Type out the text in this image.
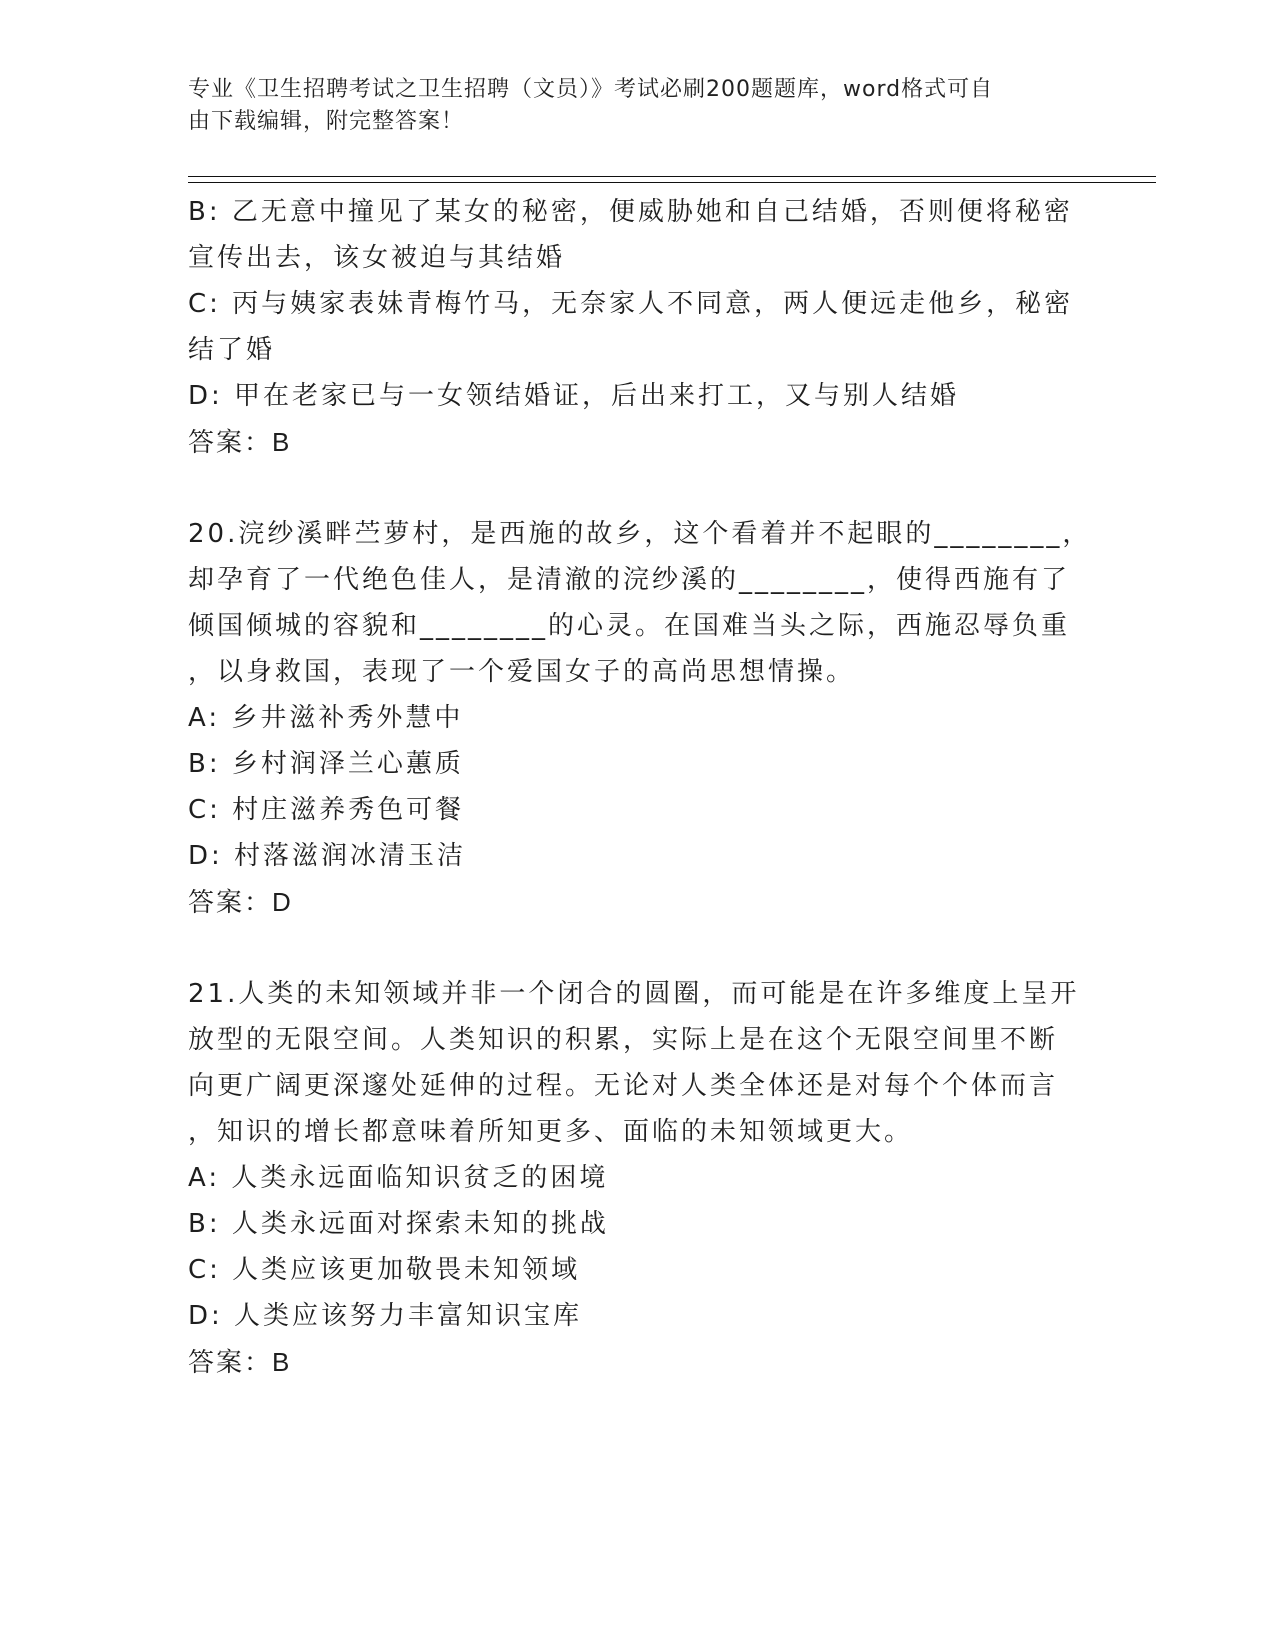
专业《卫生招聘考试之卫生招聘（文员）》考试必刷200题题库，word格式可自
由下载编辑，附完整答案！
B: 乙无意中撞见了某女的秘密，便威胁她和自己结婚，否则便将秘密
宣传出去，该女被迫与其结婚
C: 丙与姨家表妹青梅竹马，无奈家人不同意，两人便远走他乡，秘密
结了婚
D: 甲在老家已与一女领结婚证，后出来打工，又与别人结婚
答案：B
20.浣纱溪畔苎萝村，是西施的故乡，这个看着并不起眼的________，
却孕育了一代绝色佳人，是清澈的浣纱溪的________，使得西施有了
倾国倾城的容貌和________的心灵。在国难当头之际，西施忍辱负重
，以身救国，表现了一个爱国女子的高尚思想情操。
A: 乡井滋补秀外慧中
B: 乡村润泽兰心蕙质
C: 村庄滋养秀色可餐
D: 村落滋润冰清玉洁
答案：D
21.人类的未知领域并非一个闭合的圆圈，而可能是在许多维度上呈开
放型的无限空间。人类知识的积累，实际上是在这个无限空间里不断
向更广阔更深邃处延伸的过程。无论对人类全体还是对每个个体而言
，知识的增长都意味着所知更多、面临的未知领域更大。
A: 人类永远面临知识贫乏的困境
B: 人类永远面对探索未知的挑战
C: 人类应该更加敬畏未知领域
D: 人类应该努力丰富知识宝库
答案：B
